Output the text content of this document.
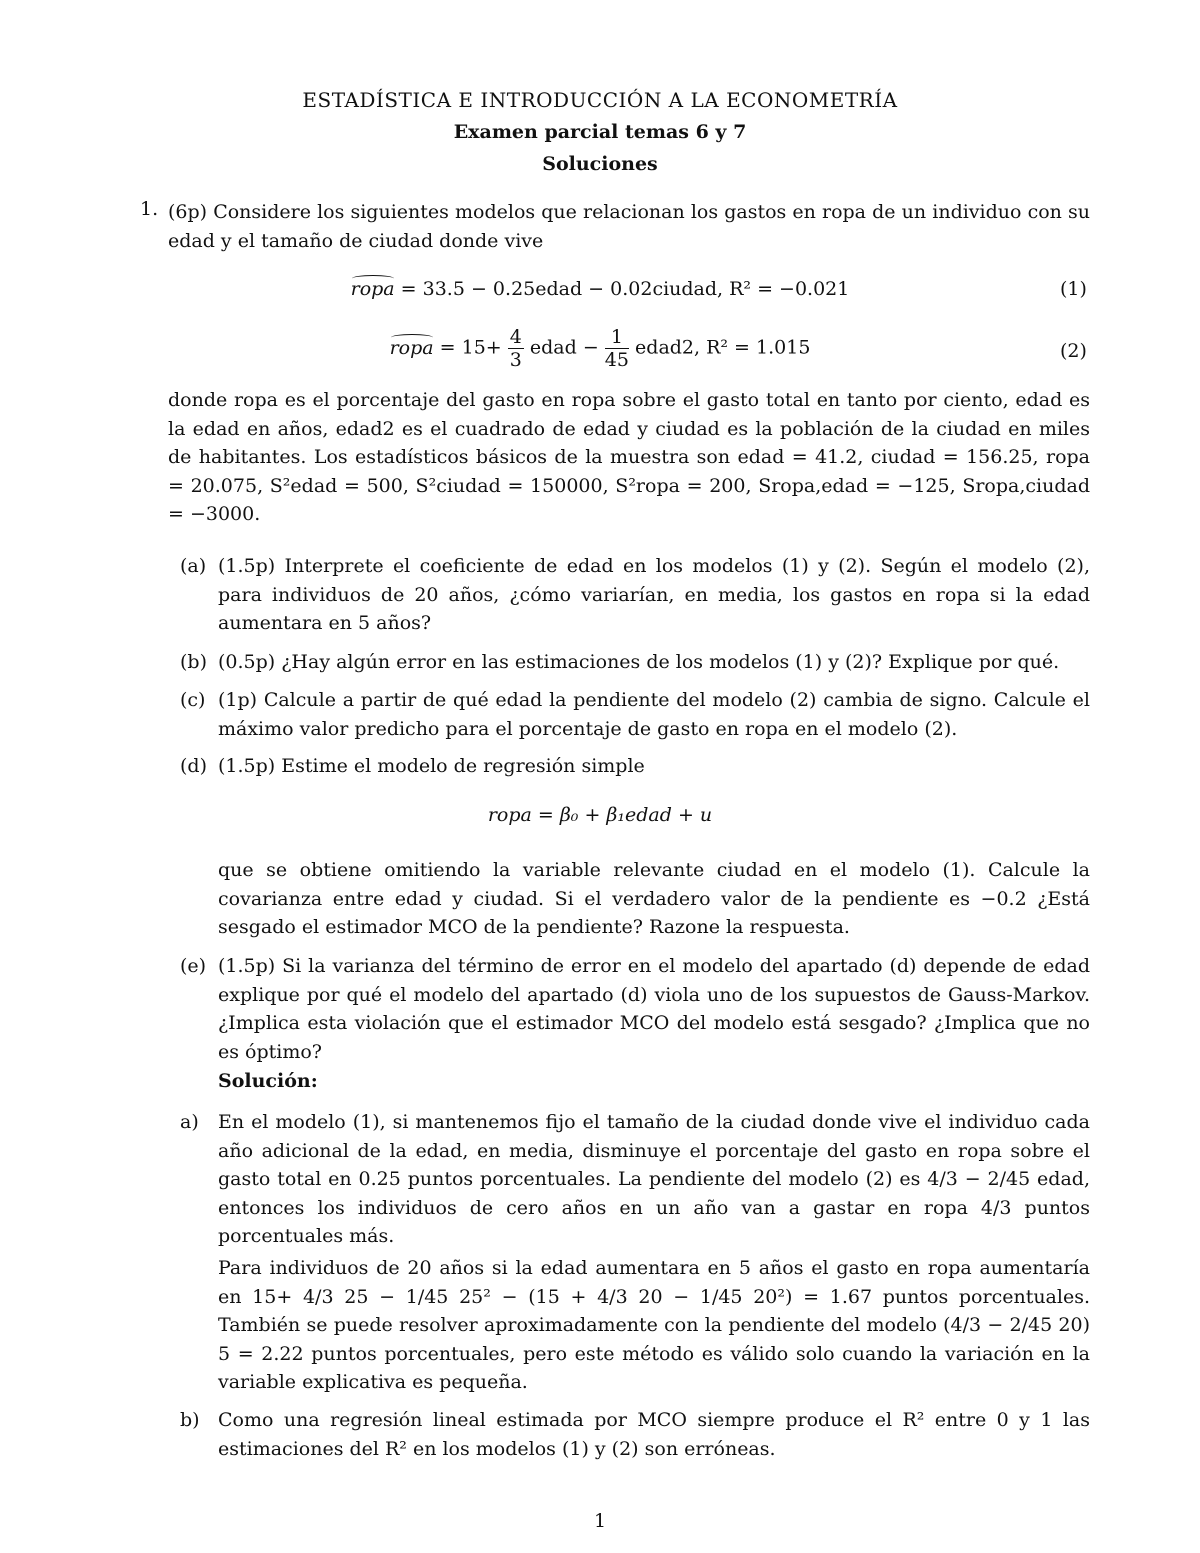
ESTADÍSTICA E INTRODUCCIÓN A LA ECONOMETRÍA
Examen parcial temas 6 y 7
Soluciones
1. (6p) Considere los siguientes modelos que relacionan los gastos en ropa de un individuo con su edad y el tamaño de ciudad donde vive
ropa = 33.5 − 0.25edad − 0.02ciudad, R² = −0.021	(1)
ropa = $15+ \frac{4}{3}$ edad − $\frac{1}{45}$ edad2, R² = 1.015	(2)
donde ropa es el porcentaje del gasto en ropa sobre el gasto total en tanto por ciento, edad es la edad en años, edad2 es el cuadrado de edad y ciudad es la población de la ciudad en miles de habitantes. Los estadísticos básicos de la muestra son edad = 41.2, ciudad = 156.25, ropa = 20.075, S²edad = 500, S²ciudad = 150000, S²ropa = 200, Sropa,edad = −125, Sropa,ciudad = −3000.
(a) (1.5p) Interprete el coeficiente de edad en los modelos (1) y (2). Según el modelo (2), para individuos de 20 años, ¿cómo variarían, en media, los gastos en ropa si la edad aumentara en 5 años?
(b) (0.5p) ¿Hay algún error en las estimaciones de los modelos (1) y (2)? Explique por qué.
(c) (1p) Calcule a partir de qué edad la pendiente del modelo (2) cambia de signo. Calcule el máximo valor predicho para el porcentaje de gasto en ropa en el modelo (2).
(d) (1.5p) Estime el modelo de regresión simple
ropa = β₀ + β₁edad + u
que se obtiene omitiendo la variable relevante ciudad en el modelo (1). Calcule la covarianza entre edad y ciudad. Si el verdadero valor de la pendiente es −0.2 ¿Está sesgado el estimador MCO de la pendiente? Razone la respuesta.
(e) (1.5p) Si la varianza del término de error en el modelo del apartado (d) depende de edad explique por qué el modelo del apartado (d) viola uno de los supuestos de Gauss-Markov. ¿Implica esta violación que el estimador MCO del modelo está sesgado? ¿Implica que no es óptimo?
Solución:
a)	En el modelo (1), si mantenemos fijo el tamaño de la ciudad donde vive el individuo cada año adicional de la edad, en media, disminuye el porcentaje del gasto en ropa sobre el gasto total en 0.25 puntos porcentuales. La pendiente del modelo (2) es 4/3 − 2/45 edad, entonces los individuos de cero años en un año van a gastar en ropa 4/3 puntos porcentuales más.
Para individuos de 20 años si la edad aumentara en 5 años el gasto en ropa aumentaría en 15+ 4/3 25 − 1/45 25² − (15 + 4/3 20 − 1/45 20²) = 1.67 puntos porcentuales. También se puede resolver aproximadamente con la pendiente del modelo (4/3 − 2/45 20) 5 = 2.22 puntos porcentuales, pero este método es válido solo cuando la variación en la variable explicativa es pequeña.
b) Como una regresión lineal estimada por MCO siempre produce el R² entre 0 y 1 las estimaciones del R² en los modelos (1) y (2) son erróneas.
1
